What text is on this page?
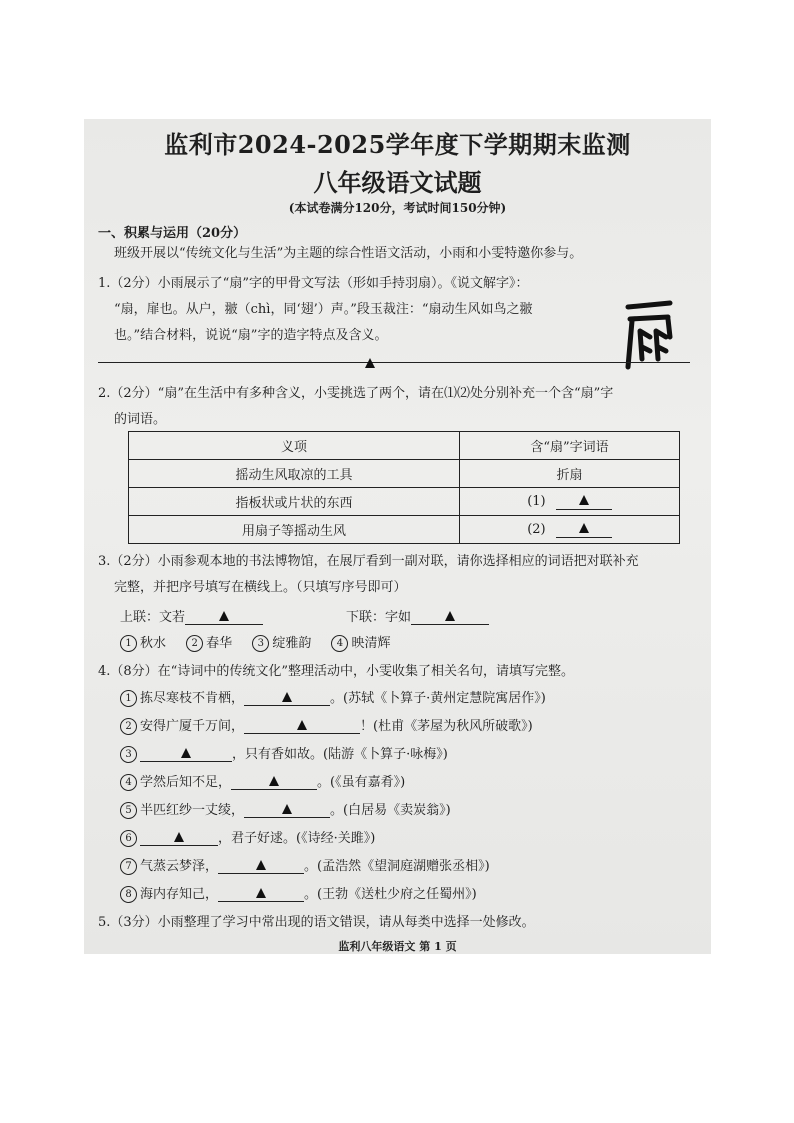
监利市2024-2025学年度下学期期末监测
八年级语文试题
(本试卷满分120分，考试时间150分钟)
一、积累与运用（20分）
班级开展以“传统文化与生活”为主题的综合性语文活动，小雨和小雯特邀你参与。
1.（2分）小雨展示了“扇”字的甲骨文写法（形如手持羽扇）。《说文解字》：
“扇，扉也。从户，翍（chì，同‘翅’）声。”段玉裁注：“扇动生风如鸟之翍
也。”结合材料，说说“扇”字的造字特点及含义。
2.（2分）“扇”在生活中有多种含义，小雯挑选了两个，请在⑴⑵处分别补充一个含“扇”字
的词语。
义项	含“扇”字词语
摇动生风取凉的工具	折扇
指板状或片状的东西	(1)
用扇子等摇动生风	(2)
3.（2分）小雨参观本地的书法博物馆，在展厅看到一副对联，请你选择相应的词语把对联补充
完整，并把序号填写在横线上。（只填写序号即可）
上联：文若	下联：字如
1 秋水	2 春华	3 绽雅韵	4 映清辉
4.（8分）在“诗词中的传统文化”整理活动中，小雯收集了相关名句，请填写完整。
1 拣尽寒枝不肯栖，	。(苏轼《卜算子·黄州定慧院寓居作》)
2 安得广厦千万间，	！(杜甫《茅屋为秋风所破歌》)
3	，只有香如故。(陆游《卜算子·咏梅》)
4 学然后知不足，	。(《虽有嘉肴》)
5 半匹红纱一丈绫，	。(白居易《卖炭翁》)
6	，君子好逑。(《诗经·关雎》)
7 气蒸云梦泽，	。(孟浩然《望洞庭湖赠张丞相》)
8 海内存知己，	。(王勃《送杜少府之任蜀州》)
5.（3分）小雨整理了学习中常出现的语文错误，请从每类中选择一处修改。
监利八年级语文 第 1 页
